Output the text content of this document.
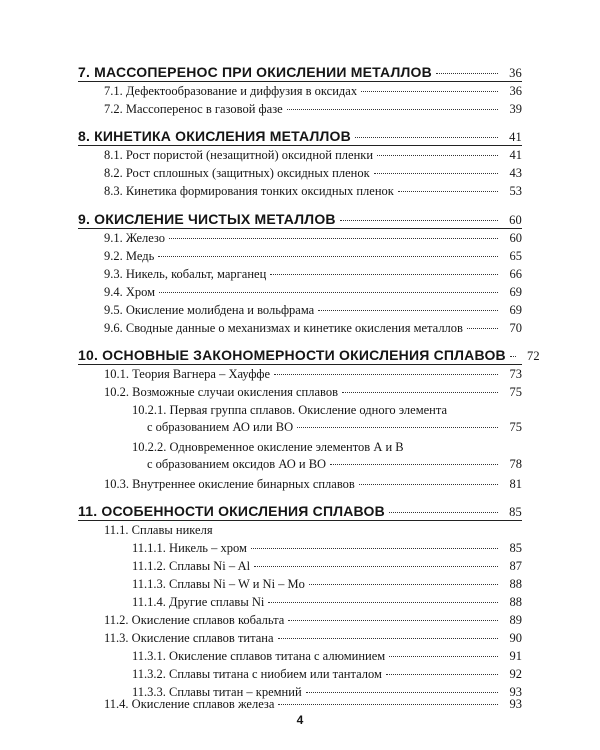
7. МАССОПЕРЕНОС ПРИ ОКИСЛЕНИИ МЕТАЛЛОВ	36
7.1. Дефектообразование и диффузия в оксидах	36
7.2. Массоперенос в газовой фазе	39
8. КИНЕТИКА ОКИСЛЕНИЯ МЕТАЛЛОВ	41
8.1. Рост пористой (незащитной) оксидной пленки	41
8.2. Рост сплошных (защитных) оксидных пленок	43
8.3. Кинетика формирования тонких оксидных пленок	53
9. ОКИСЛЕНИЕ ЧИСТЫХ МЕТАЛЛОВ	60
9.1. Железо	60
9.2. Медь	65
9.3. Никель, кобальт, марганец	66
9.4. Хром	69
9.5. Окисление молибдена и вольфрама	69
9.6. Сводные данные о механизмах и кинетике окисления металлов	70
10. ОСНОВНЫЕ ЗАКОНОМЕРНОСТИ ОКИСЛЕНИЯ СПЛАВОВ	72
10.1. Теория Вагнера – Хауффе	73
10.2. Возможные случаи окисления сплавов	75
10.2.1. Первая группа сплавов. Окисление одного элемента
с образованием АО или ВО	75
10.2.2. Одновременное окисление элементов А и В
с образованием оксидов АО и ВО	78
10.3. Внутреннее окисление бинарных сплавов	81
11. ОСОБЕННОСТИ ОКИСЛЕНИЯ СПЛАВОВ	85
11.1. Сплавы никеля
11.1.1. Никель – хром	85
11.1.2. Сплавы Ni – Al	87
11.1.3. Сплавы Ni – W и Ni – Mo	88
11.1.4. Другие сплавы Ni	88
11.2. Окисление сплавов кобальта	89
11.3. Окисление сплавов титана	90
11.3.1. Окисление сплавов титана с алюминием	91
11.3.2. Сплавы титана с ниобием или танталом	92
11.3.3. Сплавы титан – кремний	93
11.4. Окисление сплавов железа	93
4
